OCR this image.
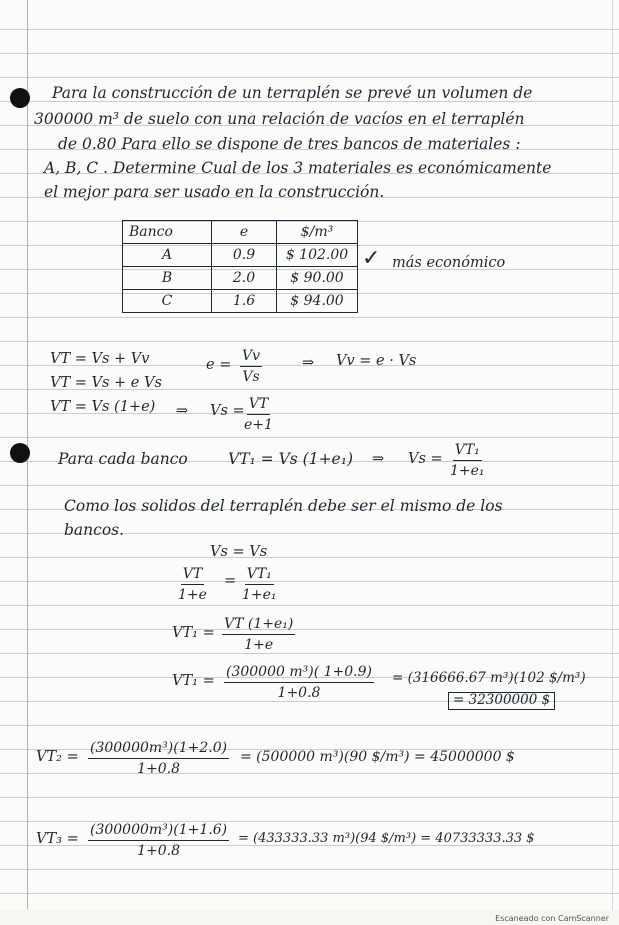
Para la construcción de un terraplén se prevé un volumen de
300000 m³ de suelo con una relación de vacíos en el terraplén
de 0.80 Para ello se dispone de tres bancos de materiales :
A, B, C . Determine Cual de los 3 materiales es económicamente
el mejor para ser usado en la construcción.
Banco	e	$/m³
A	0.9	$ 102.00
B	2.0	$ 90.00
C	1.6	$ 94.00
✓ más económico
VT = Vs + Vv
VT = Vs + e Vs
VT = Vs (1+e)
$e = \frac{Vv}{Vs}$	⇒ Vv = e · Vs
⇒ $Vs = \frac{VT}{e+1}$
Para cada banco	VT₁ = Vs (1+e₁) ⇒ $Vs = \frac{\text{VT₁}}{\text{1+e₁}}$
Como los solidos del terraplén debe ser el mismo de los
bancos.
Vs = Vs
$\frac{VT}{1+e} = \frac{\text{VT₁}}{\text{1+e₁}}$
$VT_1 = \frac{\text{VT (1+e₁)}}{1+e}$
$VT_1 = \frac{\text{(300000 m³)( 1+0.9)}}{1+0.8} = (316666.67$ m³)(102 $/m³)
= 32300000 $
$VT_2 = \frac{\text{(300000m³)(1+2.0)}}{1+0.8} = (500000$ m³)(90 $/m³) = 45000000 $
$VT_3 = \frac{\text{(300000m³)(1+1.6)}}{1+0.8} = (433333.33$ m³)(94 $/m³) = 40733333.33 $
Escaneado con CamScanner
